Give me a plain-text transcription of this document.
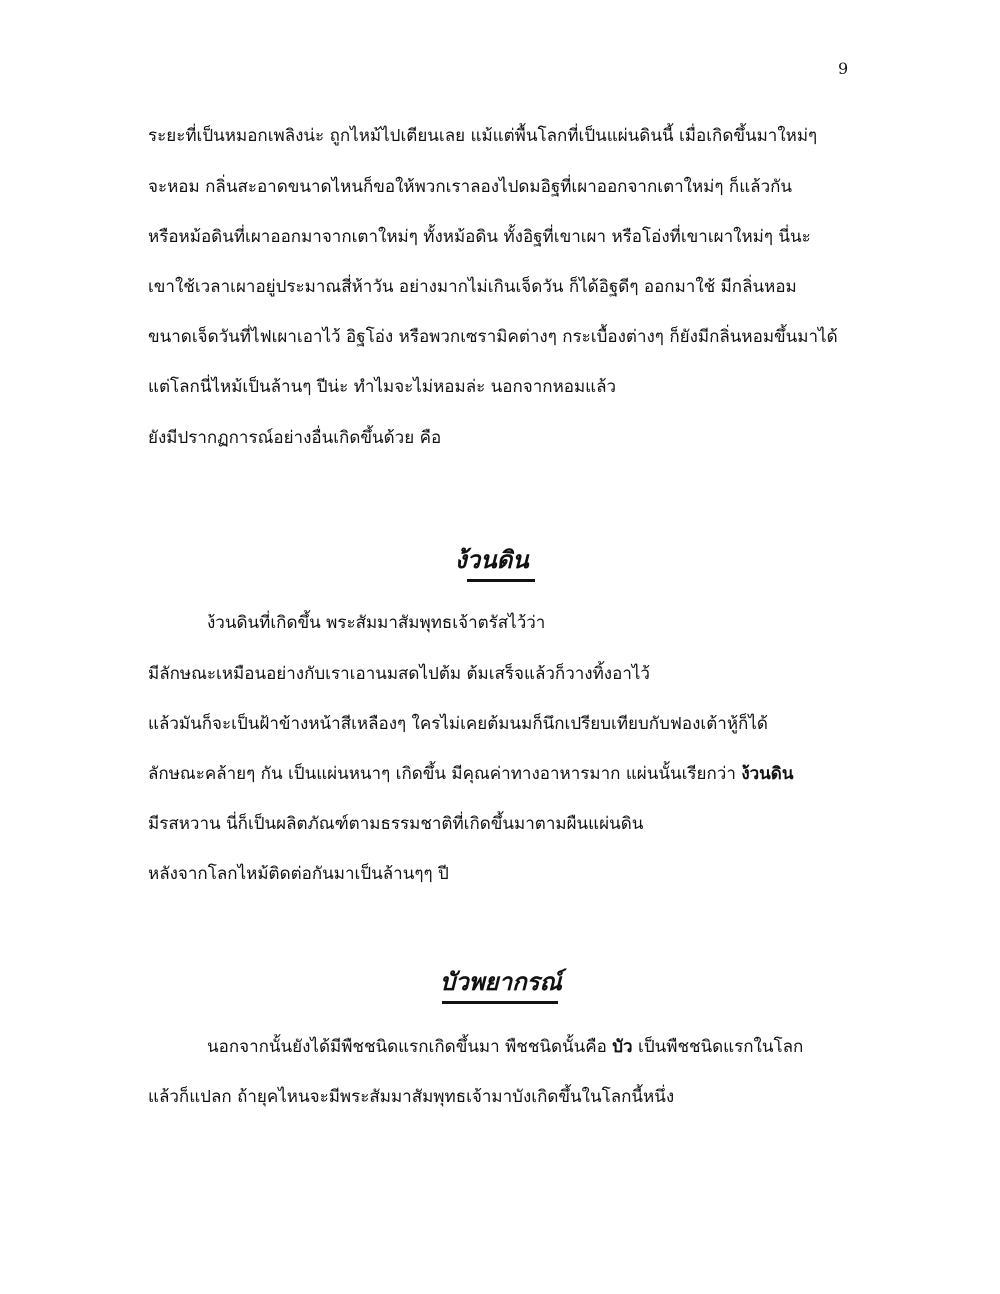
9
ระยะที่เป็นหมอกเพลิงน่ะ ถูกไหม้ไปเตียนเลย แม้แต่พื้นโลกที่เป็นแผ่นดินนี้ เมื่อเกิดขึ้นมาใหม่ๆ
จะหอม กลิ่นสะอาดขนาดไหนก็ขอให้พวกเราลองไปดมอิฐที่เผาออกจากเตาใหม่ๆ ก็แล้วกัน
หรือหม้อดินที่เผาออกมาจากเตาใหม่ๆ ทั้งหม้อดิน ทั้งอิฐที่เขาเผา หรือโอ่งที่เขาเผาใหม่ๆ นี่นะ
เขาใช้เวลาเผาอยู่ประมาณสี่ห้าวัน อย่างมากไม่เกินเจ็ดวัน ก็ได้อิฐดีๆ ออกมาใช้ มีกลิ่นหอม
ขนาดเจ็ดวันที่ไฟเผาเอาไว้ อิฐโอ่ง หรือพวกเซรามิคต่างๆ กระเบื้องต่างๆ ก็ยังมีกลิ่นหอมขึ้นมาได้
แต่โลกนี่ไหม้เป็นล้านๆ ปีน่ะ ทำไมจะไม่หอมล่ะ นอกจากหอมแล้ว
ยังมีปรากฏการณ์อย่างอื่นเกิดขึ้นด้วย คือ
ง้วนดิน
ง้วนดินที่เกิดขึ้น พระสัมมาสัมพุทธเจ้าตรัสไว้ว่า
มีลักษณะเหมือนอย่างกับเราเอานมสดไปต้ม ต้มเสร็จแล้วก็วางทิ้งอาไว้
แล้วมันก็จะเป็นฝ้าข้างหน้าสีเหลืองๆ ใครไม่เคยต้มนมก็นึกเปรียบเทียบกับฟองเต้าหู้ก็ได้
ลักษณะคล้ายๆ กัน เป็นแผ่นหนาๆ เกิดขึ้น มีคุณค่าทางอาหารมาก แผ่นนั้นเรียกว่า ง้วนดิน
มีรสหวาน นี่ก็เป็นผลิตภัณฑ์ตามธรรมชาติที่เกิดขึ้นมาตามผืนแผ่นดิน
หลังจากโลกไหม้ติดต่อกันมาเป็นล้านๆๆ ปี
บัวพยากรณ์
นอกจากนั้นยังได้มีพืชชนิดแรกเกิดขึ้นมา พืชชนิดนั้นคือ บัว เป็นพืชชนิดแรกในโลก
แล้วก็แปลก ถ้ายุคไหนจะมีพระสัมมาสัมพุทธเจ้ามาบังเกิดขึ้นในโลกนี้หนึ่ง
